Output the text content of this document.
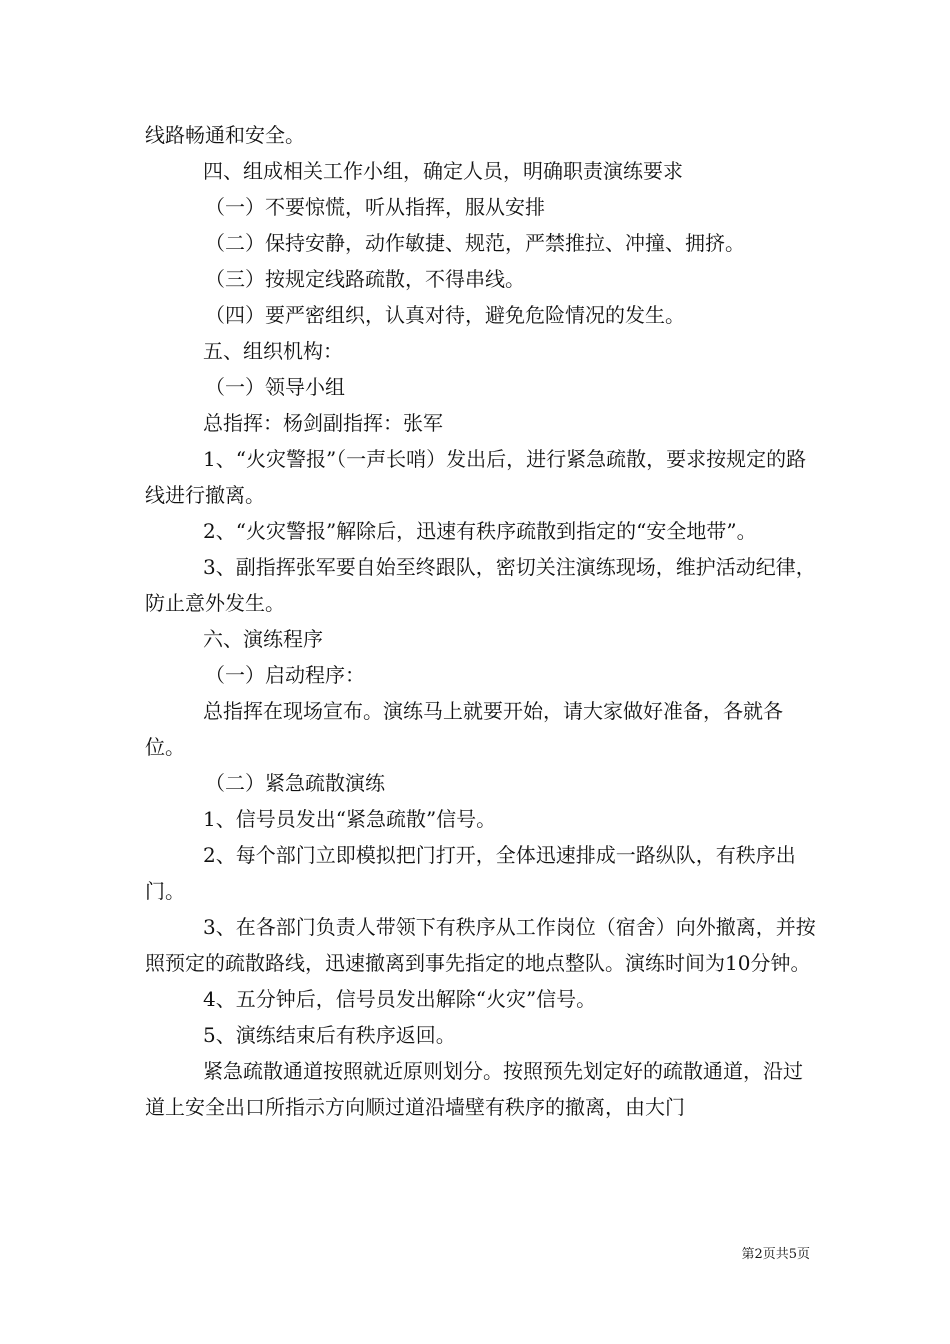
线路畅通和安全。

四、组成相关工作小组，确定人员，明确职责演练要求

（一）不要惊慌，听从指挥，服从安排

（二）保持安静，动作敏捷、规范，严禁推拉、冲撞、拥挤。

（三）按规定线路疏散，不得串线。

（四）要严密组织，认真对待，避免危险情况的发生。

五、组织机构：

（一）领导小组

总指挥：杨剑副指挥：张军

1、“火灾警报”（一声长哨）发出后，进行紧急疏散，要求按规定的路线进行撤离。

2、“火灾警报”解除后，迅速有秩序疏散到指定的“安全地带”。

3、副指挥张军要自始至终跟队，密切关注演练现场，维护活动纪律，防止意外发生。

六、演练程序

（一）启动程序：

总指挥在现场宣布。演练马上就要开始，请大家做好准备，各就各位。

（二）紧急疏散演练

1、信号员发出“紧急疏散”信号。

2、每个部门立即模拟把门打开，全体迅速排成一路纵队，有秩序出门。

3、在各部门负责人带领下有秩序从工作岗位（宿舍）向外撤离，并按照预定的疏散路线，迅速撤离到事先指定的地点整队。演练时间为10分钟。

4、五分钟后，信号员发出解除“火灾”信号。

5、演练结束后有秩序返回。

紧急疏散通道按照就近原则划分。按照预先划定好的疏散通道，沿过道上安全出口所指示方向顺过道沿墙壁有秩序的撤离，由大门

第2页共5页
